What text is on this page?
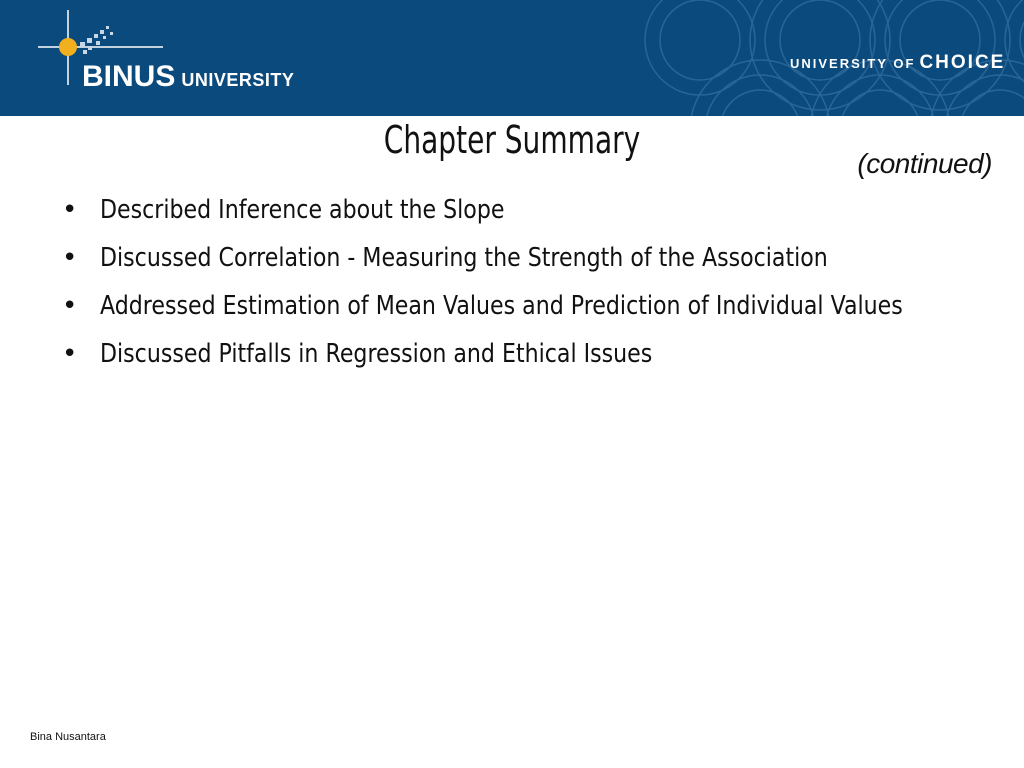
BINUS UNIVERSITY
UNIVERSITY OF CHOICE
Chapter Summary
(continued)
• Described Inference about the Slope
• Discussed Correlation - Measuring the Strength of the Association
• Addressed Estimation of Mean Values and Prediction of Individual Values
• Discussed Pitfalls in Regression and Ethical Issues
Bina Nusantara
